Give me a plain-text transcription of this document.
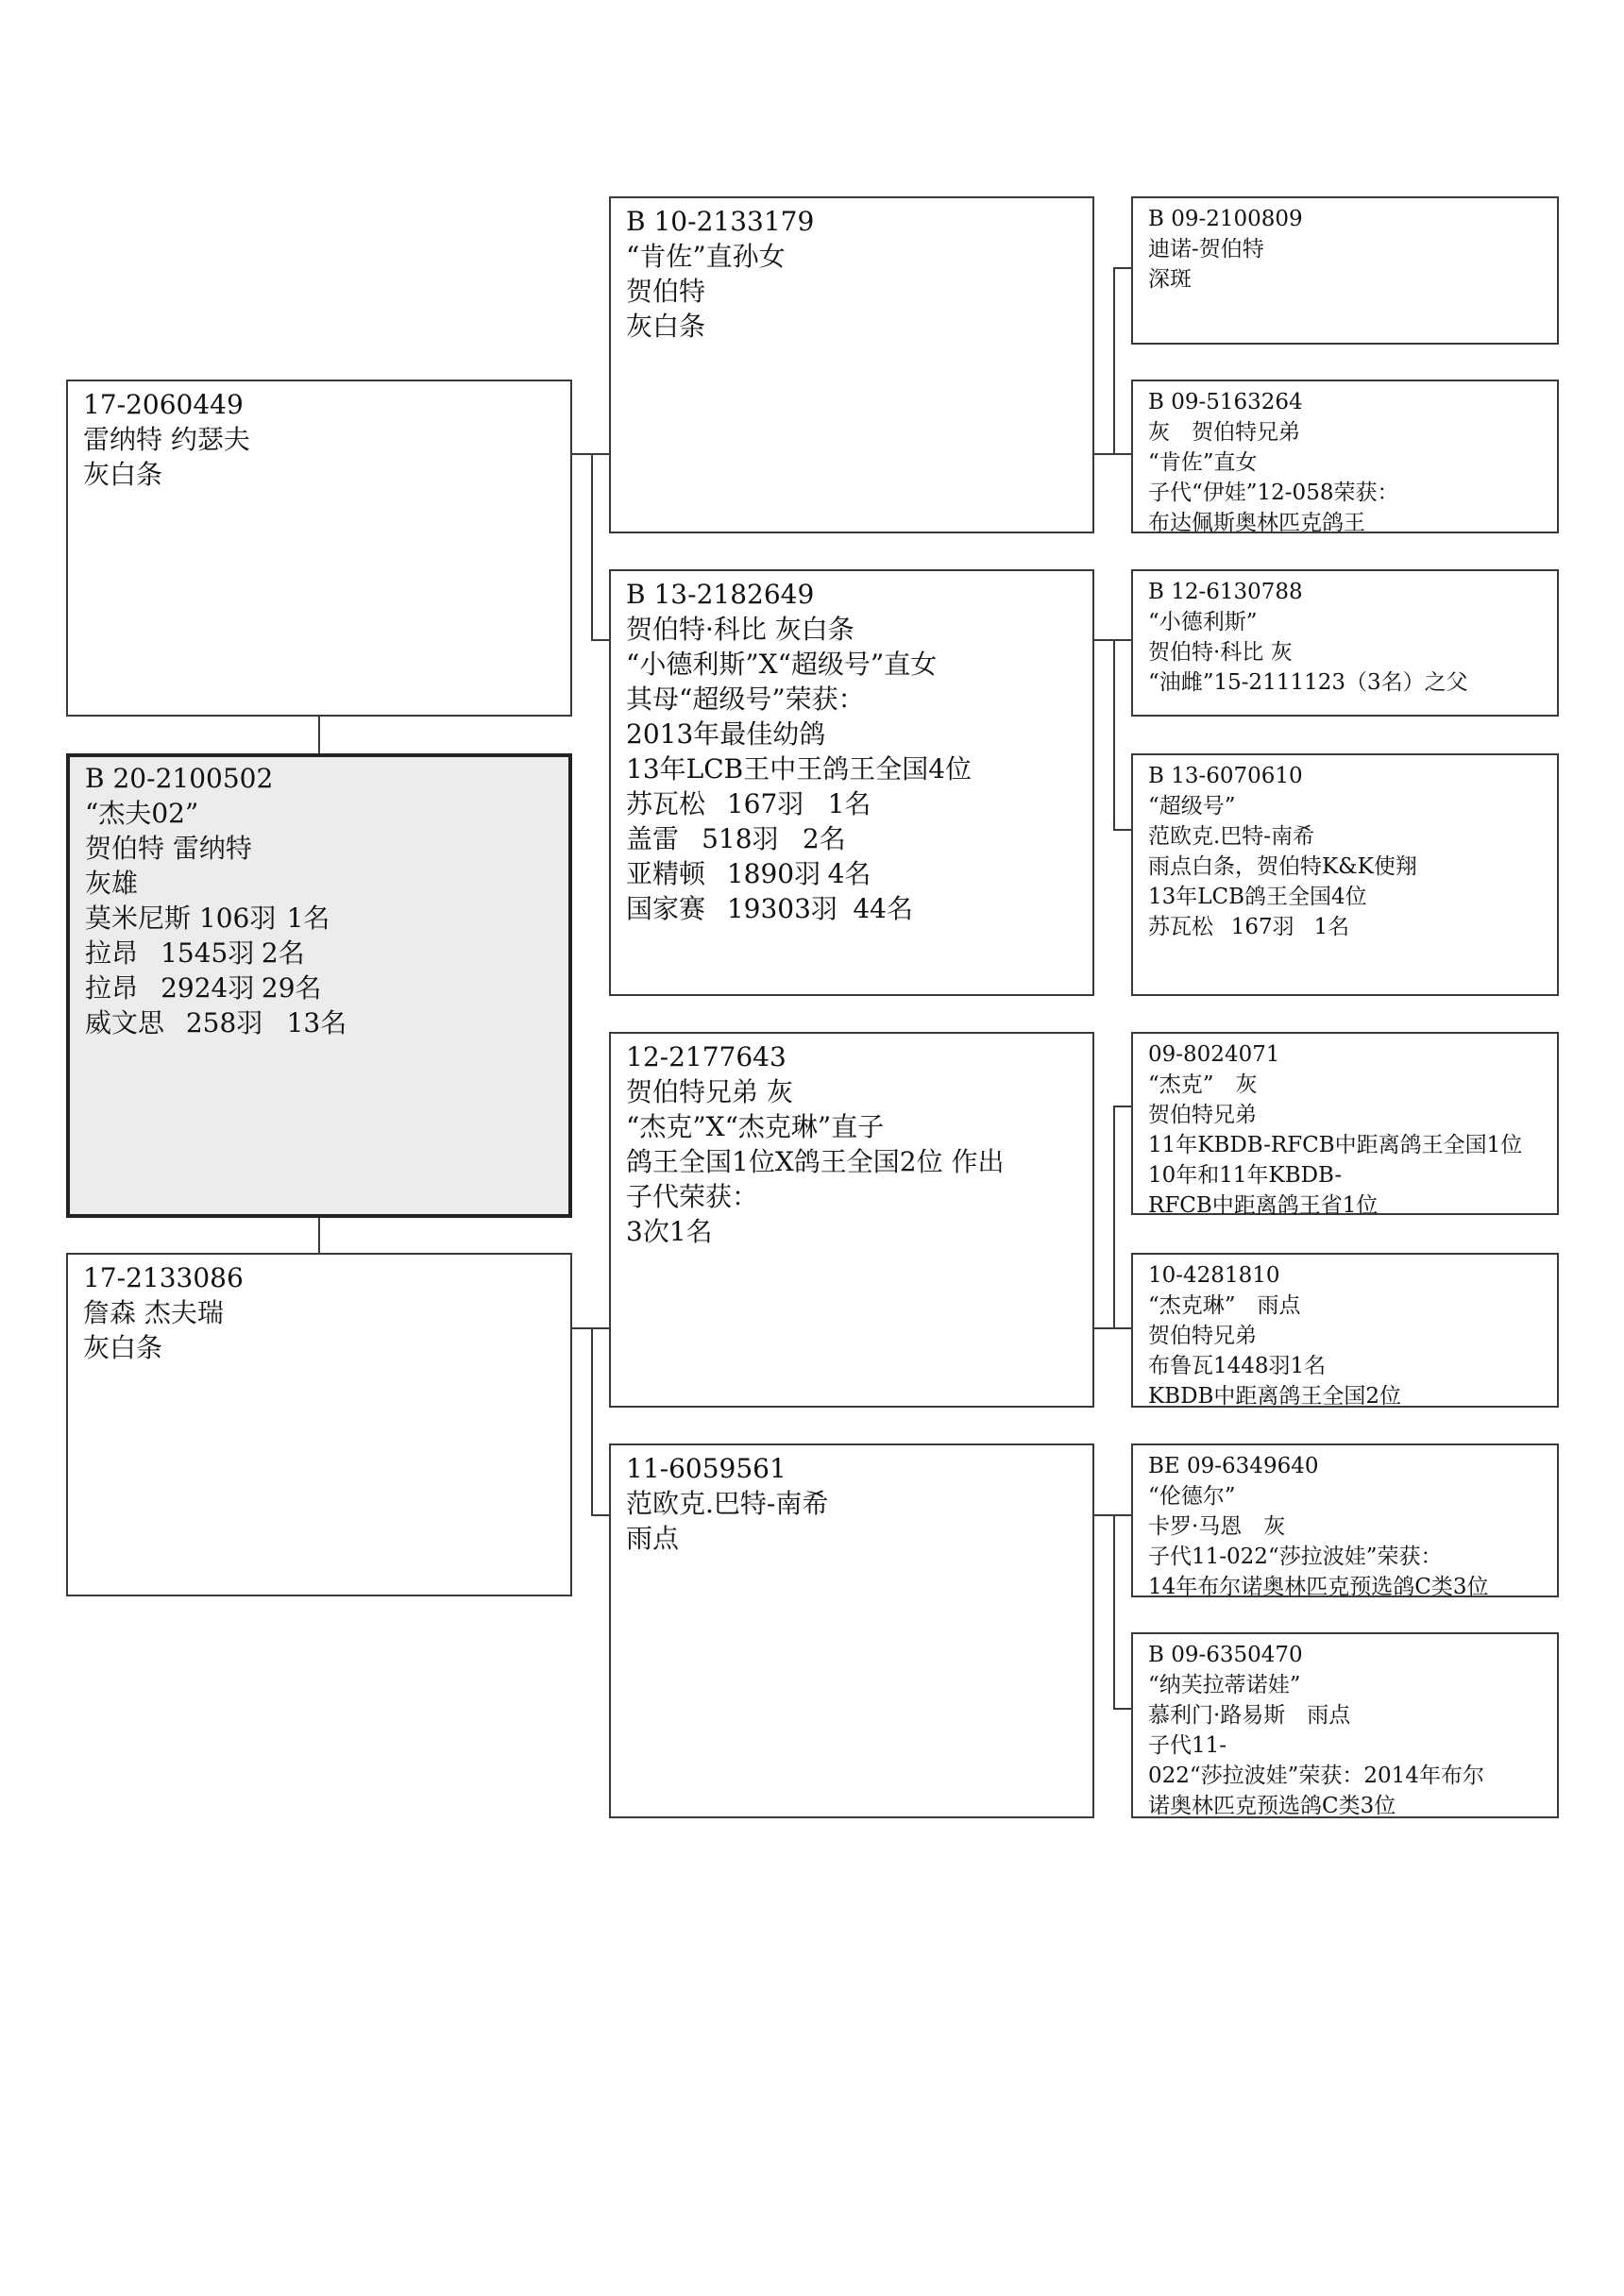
17-2060449
雷纳特 约瑟夫
灰白条
B 20-2100502
“杰夫02”
贺伯特 雷纳特
灰雄
莫米尼斯 106羽	1名
拉昂	1545羽	2名
拉昂	2924羽	29名
威文思	258羽	13名
17-2133086
詹森 杰夫瑞
灰白条
B 10-2133179
“肯佐”直孙女
贺伯特
灰白条
B 13-2182649
贺伯特·科比 灰白条
“小德利斯”X“超级号”直女
其母“超级号”荣获：
2013年最佳幼鸽
13年LCB王中王鸽王全国4位
苏瓦松	167羽	1名
盖雷	518羽	2名
亚精顿	1890羽	4名
国家赛	19303羽	44名
12-2177643
贺伯特兄弟 灰
“杰克”X“杰克琳”直子
鸽王全国1位X鸽王全国2位 作出
子代荣获：
3次1名
11-6059561
范欧克.巴特-南希
雨点
B 09-2100809
迪诺-贺伯特
深斑
B 09-5163264
灰　贺伯特兄弟
“肯佐”直女
子代“伊娃”12-058荣获：
布达佩斯奥林匹克鸽王
B 12-6130788
“小德利斯”
贺伯特·科比 灰
“油雌”15-2111123（3名）之父
B 13-6070610
“超级号”
范欧克.巴特-南希
雨点白条，贺伯特K&K使翔
13年LCB鸽王全国4位
苏瓦松	167羽	1名
09-8024071
“杰克”　灰
贺伯特兄弟
11年KBDB-RFCB中距离鸽王全国1位
10年和11年KBDB-
RFCB中距离鸽王省1位
10-4281810
“杰克琳”　雨点
贺伯特兄弟
布鲁瓦1448羽1名
KBDB中距离鸽王全国2位
BE 09-6349640
“伦德尔”
卡罗·马恩　灰
子代11-022“莎拉波娃”荣获：
14年布尔诺奥林匹克预选鸽C类3位
B 09-6350470
“纳芙拉蒂诺娃”
慕利门·路易斯　雨点
子代11-
022“莎拉波娃”荣获：2014年布尔
诺奥林匹克预选鸽C类3位
